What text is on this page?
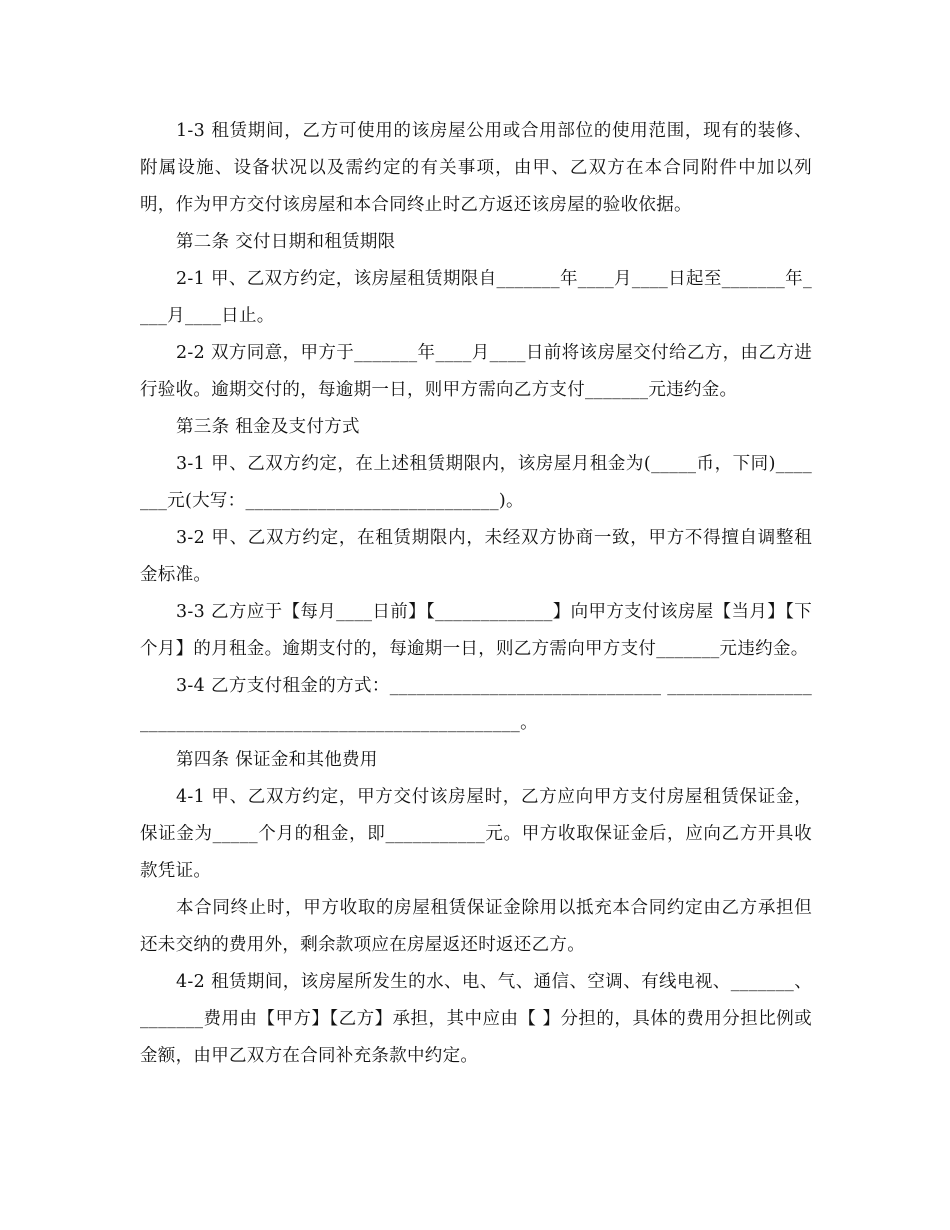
1-3 租赁期间，乙方可使用的该房屋公用或合用部位的使用范围，现有的装修、附属设施、设备状况以及需约定的有关事项，由甲、乙双方在本合同附件中加以列明，作为甲方交付该房屋和本合同终止时乙方返还该房屋的验收依据。

第二条 交付日期和租赁期限

2-1 甲、乙双方约定，该房屋租赁期限自_______年____月____日起至_______年____月____日止。

2-2 双方同意，甲方于_______年____月____日前将该房屋交付给乙方，由乙方进行验收。逾期交付的，每逾期一日，则甲方需向乙方支付_______元违约金。

第三条 租金及支付方式

3-1 甲、乙双方约定，在上述租赁期限内，该房屋月租金为(_____币，下同)_______元(大写：____________________________)。

3-2 甲、乙双方约定，在租赁期限内，未经双方协商一致，甲方不得擅自调整租金标准。

3-3 乙方应于【每月____日前】【_____________】向甲方支付该房屋【当月】【下个月】的月租金。逾期支付的，每逾期一日，则乙方需向甲方支付_______元违约金。

3-4 乙方支付租金的方式：______________________________ __________________________________________________________。

第四条 保证金和其他费用

4-1 甲、乙双方约定，甲方交付该房屋时，乙方应向甲方支付房屋租赁保证金，保证金为_____个月的租金，即___________元。甲方收取保证金后，应向乙方开具收款凭证。

本合同终止时，甲方收取的房屋租赁保证金除用以抵充本合同约定由乙方承担但还未交纳的费用外，剩余款项应在房屋返还时返还乙方。

4-2 租赁期间，该房屋所发生的水、电、气、通信、空调、有线电视、_______、_______费用由【甲方】【乙方】承担，其中应由【 】分担的，具体的费用分担比例或金额，由甲乙双方在合同补充条款中约定。
